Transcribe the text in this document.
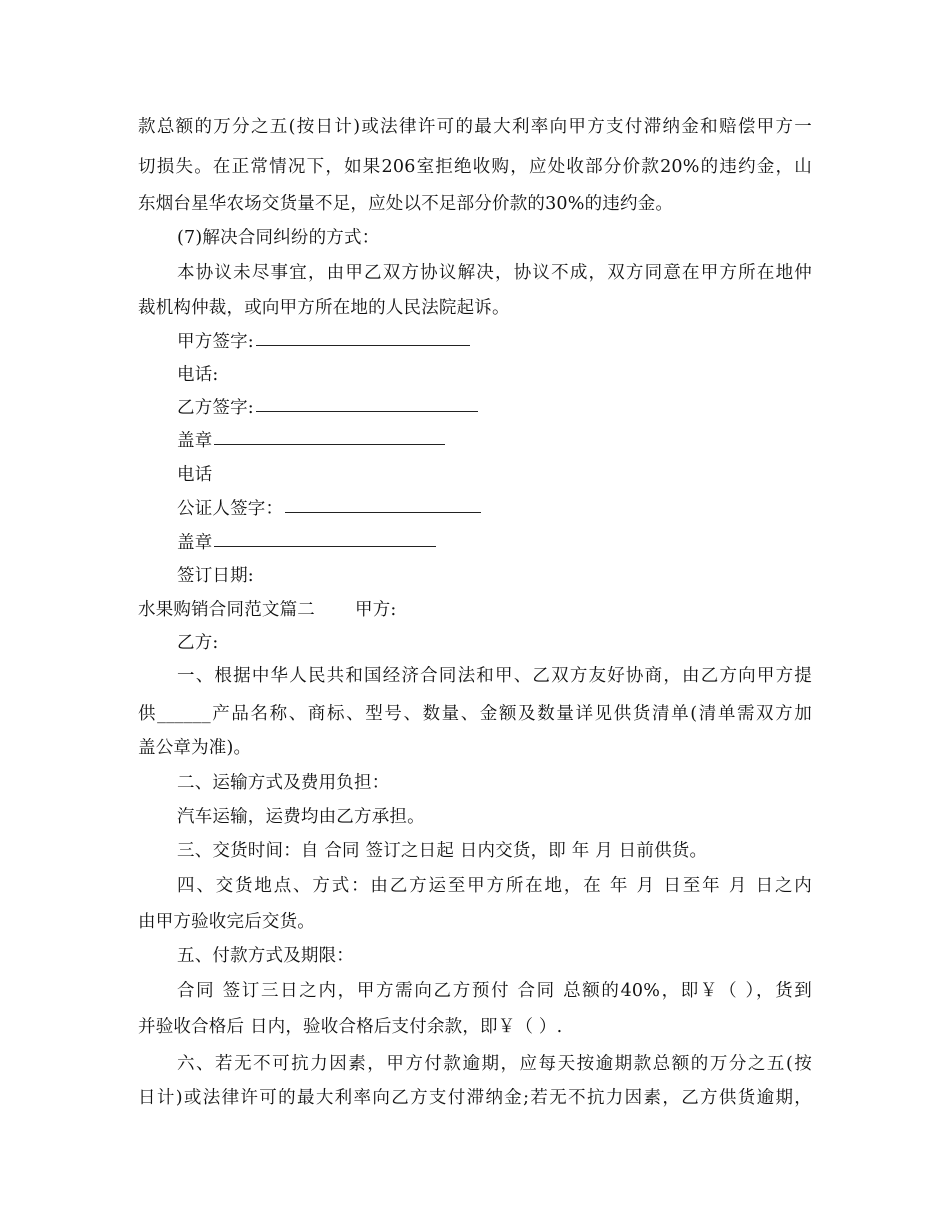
款总额的万分之五(按日计)或法律许可的最大利率向甲方支付滞纳金和赔偿甲方一
切损失。在正常情况下，如果206室拒绝收购，应处收部分价款20%的违约金，山
东烟台星华农场交货量不足，应处以不足部分价款的30%的违约金。
(7)解决合同纠纷的方式：
本协议未尽事宜，由甲乙双方协议解决，协议不成，双方同意在甲方所在地仲
裁机构仲裁，或向甲方所在地的人民法院起诉。
甲方签字:
电话:
乙方签字:
盖章
电话
公证人签字：
盖章
签订日期:
水果购销合同范文篇二 甲方:
乙方:
一、根据中华人民共和国经济合同法和甲、乙双方友好协商，由乙方向甲方提
供______产品名称、商标、型号、数量、金额及数量详见供货清单(清单需双方加
盖公章为准)。
二、运输方式及费用负担：
汽车运输，运费均由乙方承担。
三、交货时间：自 合同 签订之日起 日内交货，即 年 月 日前供货。
四、交货地点、方式：由乙方运至甲方所在地，在 年 月 日至年 月 日之内
由甲方验收完后交货。
五、付款方式及期限：
合同 签订三日之内，甲方需向乙方预付 合同 总额的40%，即￥（ ），货到
并验收合格后 日内，验收合格后支付余款，即￥（ ）.
六、若无不可抗力因素，甲方付款逾期，应每天按逾期款总额的万分之五(按
日计)或法律许可的最大利率向乙方支付滞纳金;若无不抗力因素，乙方供货逾期，
